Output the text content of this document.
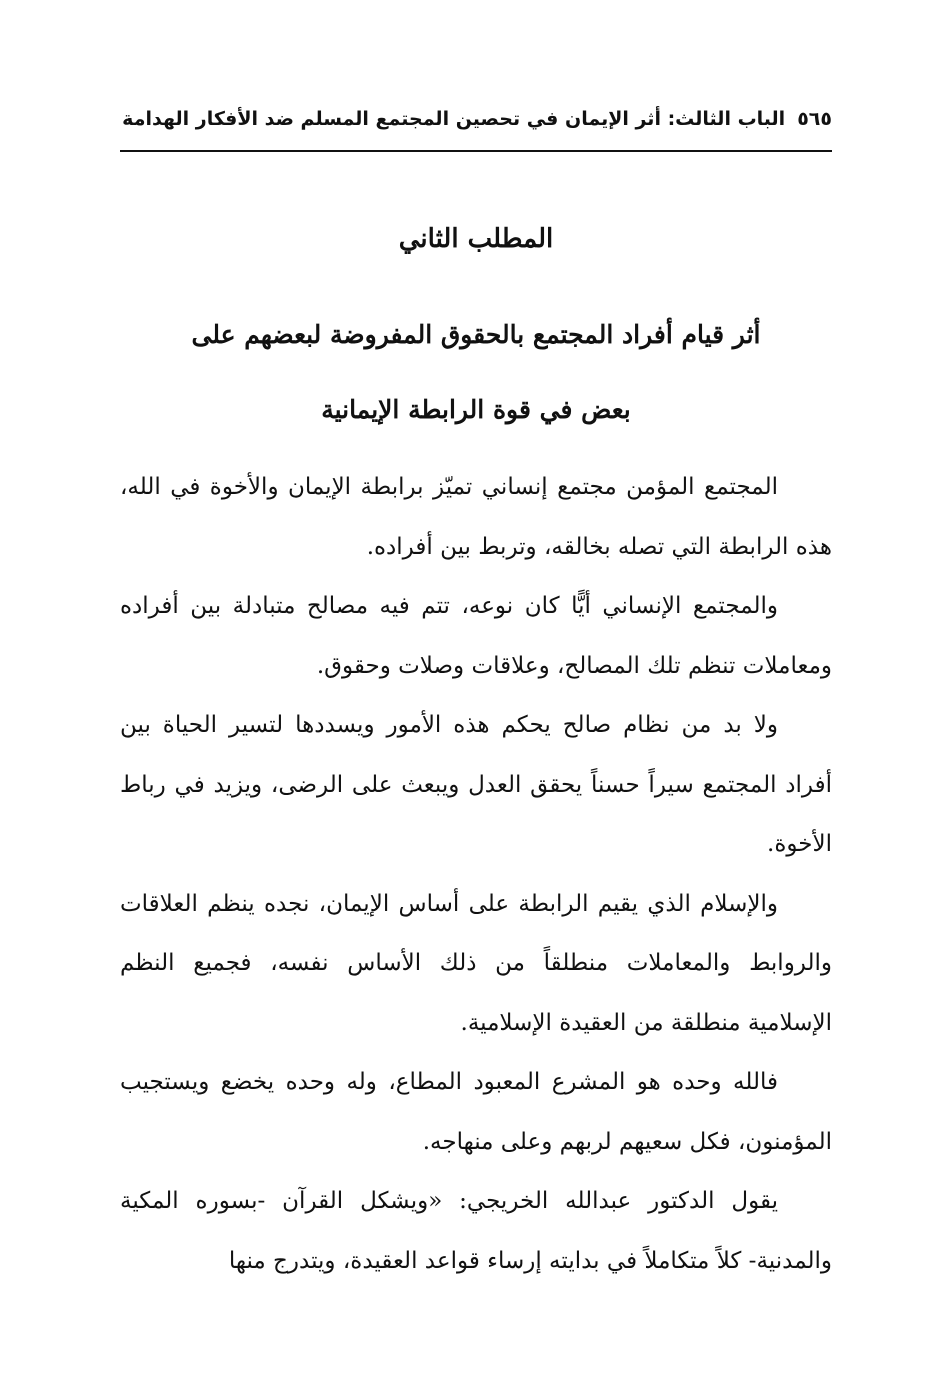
٥٦٥
الباب الثالث: أثر الإيمان في تحصين المجتمع المسلم ضد الأفكار الهدامة
المطلب الثاني
أثر قيام أفراد المجتمع بالحقوق المفروضة لبعضهم على
بعض في قوة الرابطة الإيمانية

المجتمع المؤمن مجتمع إنساني تميّز برابطة الإيمان والأخوة في الله، هذه الرابطة التي تصله بخالقه، وتربط بين أفراده.

والمجتمع الإنساني أيًّا كان نوعه، تتم فيه مصالح متبادلة بين أفراده ومعاملات تنظم تلك المصالح، وعلاقات وصلات وحقوق.

ولا بد من نظام صالح يحكم هذه الأمور ويسددها لتسير الحياة بين أفراد المجتمع سيراً حسناً يحقق العدل ويبعث على الرضى، ويزيد في رباط الأخوة.

والإسلام الذي يقيم الرابطة على أساس الإيمان، نجده ينظم العلاقات والروابط والمعاملات منطلقاً من ذلك الأساس نفسه، فجميع النظم الإسلامية منطلقة من العقيدة الإسلامية.

فالله وحده هو المشرع المعبود المطاع، وله وحده يخضع ويستجيب المؤمنون، فكل سعيهم لربهم وعلى منهاجه.

يقول الدكتور عبدالله الخريجي: «ويشكل القرآن -بسوره المكية والمدنية- كلاً متكاملاً في بدايته إرساء قواعد العقيدة، ويتدرج منها
